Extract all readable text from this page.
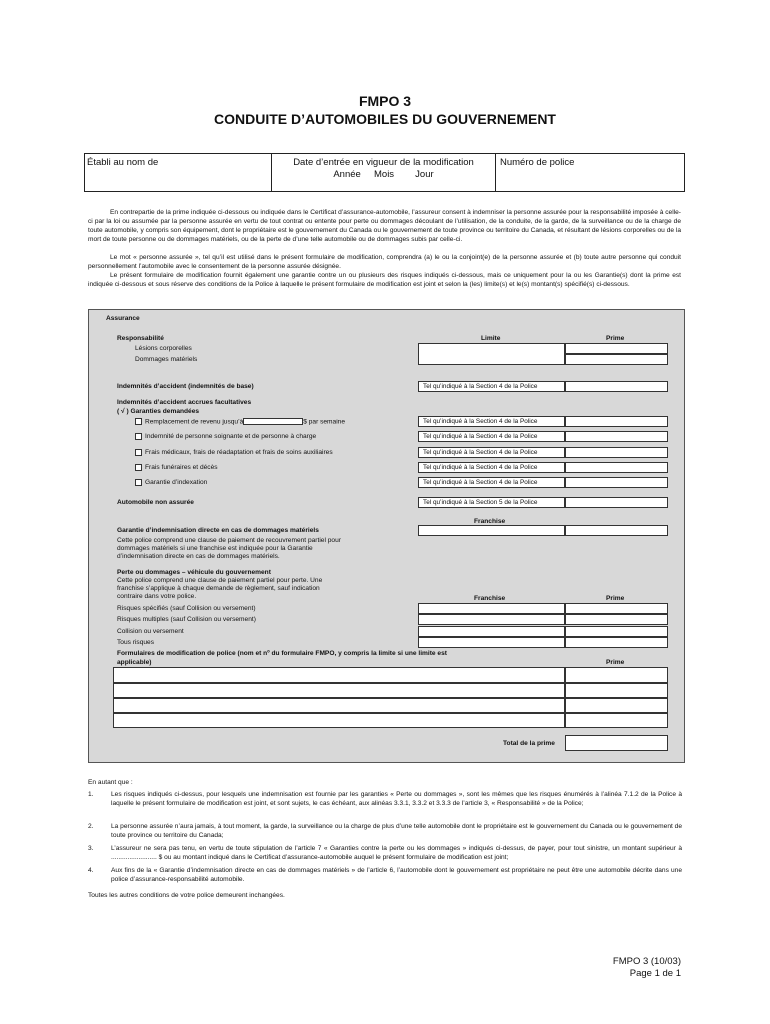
FMPO 3
CONDUITE D’AUTOMOBILES DU GOUVERNEMENT
Établi au nom de	Date d’entrée en vigueur de la modification
Année     Mois        Jour
Numéro de police
En contrepartie de la prime indiquée ci-dessous ou indiquée dans le Certificat d’assurance-automobile, l’assureur consent à indemniser la personne assurée pour la responsabilité imposée à celle-ci par la loi ou assumée par la personne assurée en vertu de tout contrat ou entente pour perte ou dommages découlant de l’utilisation, de la conduite, de la garde, de la surveillance ou de la charge de toute automobile, y compris son équipement, dont le propriétaire est le gouvernement du Canada ou le gouvernement de toute province ou territoire du Canada, et résultant de lésions corporelles ou de la mort de toute personne ou de dommages matériels, ou de la perte de d’une telle automobile ou de dommages subis par celle-ci.
Le mot « personne assurée », tel qu’il est utilisé dans le présent formulaire de modification, comprendra (a) le ou la conjoint(e) de la personne assurée et (b) toute autre personne qui conduit personnellement l’automobile avec le consentement de la personne assurée désignée.
Le présent formulaire de modification fournit également une garantie contre un ou plusieurs des risques indiqués ci-dessous, mais ce uniquement pour la ou les Garantie(s) dont la prime est indiquée ci-dessous et sous réserve des conditions de la Police à laquelle le présent formulaire de modification est joint et selon la (les) limite(s) et le(s) montant(s) spécifié(s) ci-dessous.
Assurance
Responsabilité	Limite	Prime
Lésions corporelles
Dommages matériels
Indemnités d’accident (indemnités de base)	Tel qu’indiqué à la Section 4 de la Police
Indemnités d’accident accrues facultatives
( √ ) Garanties demandées
Remplacement de revenu jusqu’à	$ par semaine	Tel qu’indiqué à la Section 4 de la Police
Indemnité de personne soignante et de personne à charge	Tel qu’indiqué à la Section 4 de la Police
Frais médicaux, frais de réadaptation et frais de soins auxiliaires	Tel qu’indiqué à la Section 4 de la Police
Frais funéraires et décès	Tel qu’indiqué à la Section 4 de la Police
Garantie d’indexation	Tel qu’indiqué à la Section 4 de la Police
Automobile non assurée	Tel qu’indiqué à la Section 5 de la Police
Franchise
Garantie d’indemnisation directe en cas de dommages matériels
Cette police comprend une clause de paiement de recouvrement partiel pour
dommages matériels si une franchise est indiquée pour la Garantie
d’indemnisation directe en cas de dommages matériels.
Perte ou dommages – véhicule du gouvernement
Cette police comprend une clause de paiement partiel pour perte. Une
franchise s’applique à chaque demande de règlement, sauf indication
contraire dans votre police.	Franchise	Prime
Risques spécifiés (sauf Collision ou versement)
Risques multiples (sauf Collision ou versement)
Collision ou versement
Tous risques
Formulaires de modification de police (nom et nº du formulaire FMPO, y compris la limite si une limite est
applicable)	Prime
Total de la prime
En autant que :
1.	Les risques indiqués ci-dessus, pour lesquels une indemnisation est fournie par les garanties « Perte ou dommages », sont les mêmes que les risques énumérés à l’alinéa 7.1.2 de la Police à laquelle le présent formulaire de modification est joint, et sont sujets, le cas échéant, aux alinéas 3.3.1, 3.3.2 et 3.3.3 de l’article 3, « Responsabilité » de la Police;
2.	La personne assurée n’aura jamais, à tout moment, la garde, la surveillance ou la charge de plus d’une telle automobile dont le propriétaire est le gouvernement du Canada ou le gouvernement de toute province ou territoire du Canada;
3.	L’assureur ne sera pas tenu, en vertu de toute stipulation de l’article 7 « Garanties contre la perte ou les dommages » indiqués ci-dessus, de payer, pour tout sinistre, un montant supérieur à ......................... $ ou au montant indiqué dans le Certificat d’assurance-automobile auquel le présent formulaire de modification est joint;
4.	Aux fins de la « Garantie d’indemnisation directe en cas de dommages matériels » de l’article 6, l’automobile dont le gouvernement est propriétaire ne peut être une automobile décrite dans une police d’assurance-responsabilité automobile.
Toutes les autres conditions de votre police demeurent inchangées.
FMPO 3 (10/03)
Page 1 de 1
